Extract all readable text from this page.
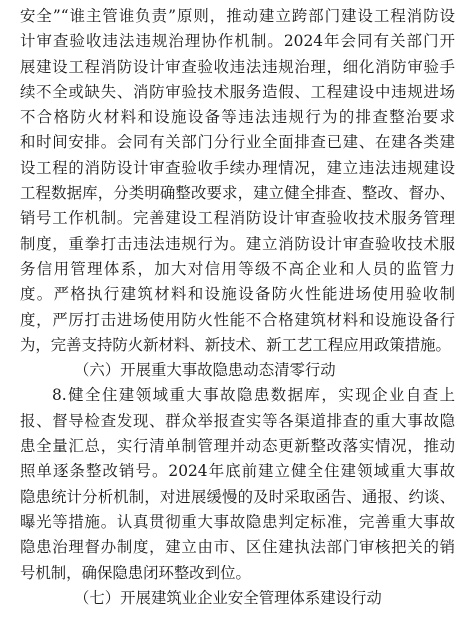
安全”“谁主管谁负责”原则，推动建立跨部门建设工程消防设
计审查验收违法违规治理协作机制。2024年会同有关部门开
展建设工程消防设计审查验收违法违规治理，细化消防审验手
续不全或缺失、消防审验技术服务造假、工程建设中违规进场
不合格防火材料和设施设备等违法违规行为的排查整治要求
和时间安排。会同有关部门分行业全面排查已建、在建各类建
设工程的消防设计审查验收手续办理情况，建立违法违规建设
工程数据库，分类明确整改要求，建立健全排查、整改、督办、
销号工作机制。完善建设工程消防设计审查验收技术服务管理
制度，重拳打击违法违规行为。建立消防设计审查验收技术服
务信用管理体系，加大对信用等级不高企业和人员的监管力
度。严格执行建筑材料和设施设备防火性能进场使用验收制
度，严厉打击进场使用防火性能不合格建筑材料和设施设备行
为，完善支持防火新材料、新技术、新工艺工程应用政策措施。
（六）开展重大事故隐患动态清零行动
8.健全住建领域重大事故隐患数据库，实现企业自查上
报、督导检查发现、群众举报查实等各渠道排查的重大事故隐
患全量汇总，实行清单制管理并动态更新整改落实情况，推动
照单逐条整改销号。2024年底前建立健全住建领域重大事故
隐患统计分析机制，对进展缓慢的及时采取函告、通报、约谈、
曝光等措施。认真贯彻重大事故隐患判定标准，完善重大事故
隐患治理督办制度，建立由市、区住建执法部门审核把关的销
号机制，确保隐患闭环整改到位。
（七）开展建筑业企业安全管理体系建设行动
